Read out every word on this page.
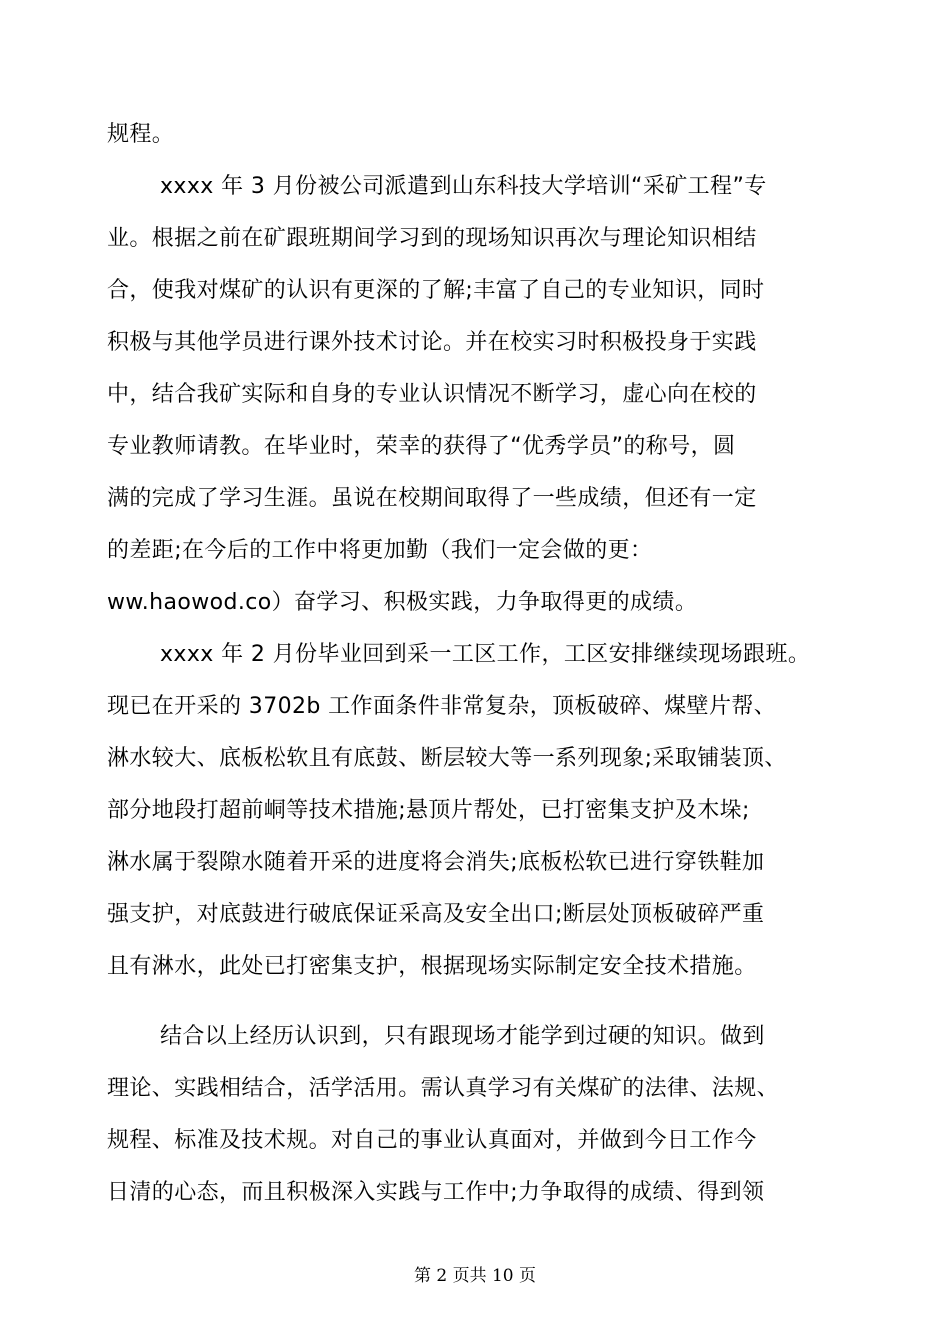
规程。
xxxx 年 3 月份被公司派遣到山东科技大学培训“采矿工程”专
业。根据之前在矿跟班期间学习到的现场知识再次与理论知识相结
合，使我对煤矿的认识有更深的了解;丰富了自己的专业知识，同时
积极与其他学员进行课外技术讨论。并在校实习时积极投身于实践
中，结合我矿实际和自身的专业认识情况不断学习，虚心向在校的
专业教师请教。在毕业时，荣幸的获得了“优秀学员”的称号，圆
满的完成了学习生涯。虽说在校期间取得了一些成绩，但还有一定
的差距;在今后的工作中将更加勤（我们一定会做的更：
ww.haowod.co）奋学习、积极实践，力争取得更的成绩。
xxxx 年 2 月份毕业回到采一工区工作，工区安排继续现场跟班。
现已在开采的 3702b 工作面条件非常复杂，顶板破碎、煤壁片帮、
淋水较大、底板松软且有底鼓、断层较大等一系列现象;采取铺装顶、
部分地段打超前峒等技术措施;悬顶片帮处，已打密集支护及木垛;
淋水属于裂隙水随着开采的进度将会消失;底板松软已进行穿铁鞋加
强支护，对底鼓进行破底保证采高及安全出口;断层处顶板破碎严重
且有淋水，此处已打密集支护，根据现场实际制定安全技术措施。
结合以上经历认识到，只有跟现场才能学到过硬的知识。做到
理论、实践相结合，活学活用。需认真学习有关煤矿的法律、法规、
规程、标准及技术规。对自己的事业认真面对，并做到今日工作今
日清的心态，而且积极深入实践与工作中;力争取得的成绩、得到领
第 2 页共 10 页
